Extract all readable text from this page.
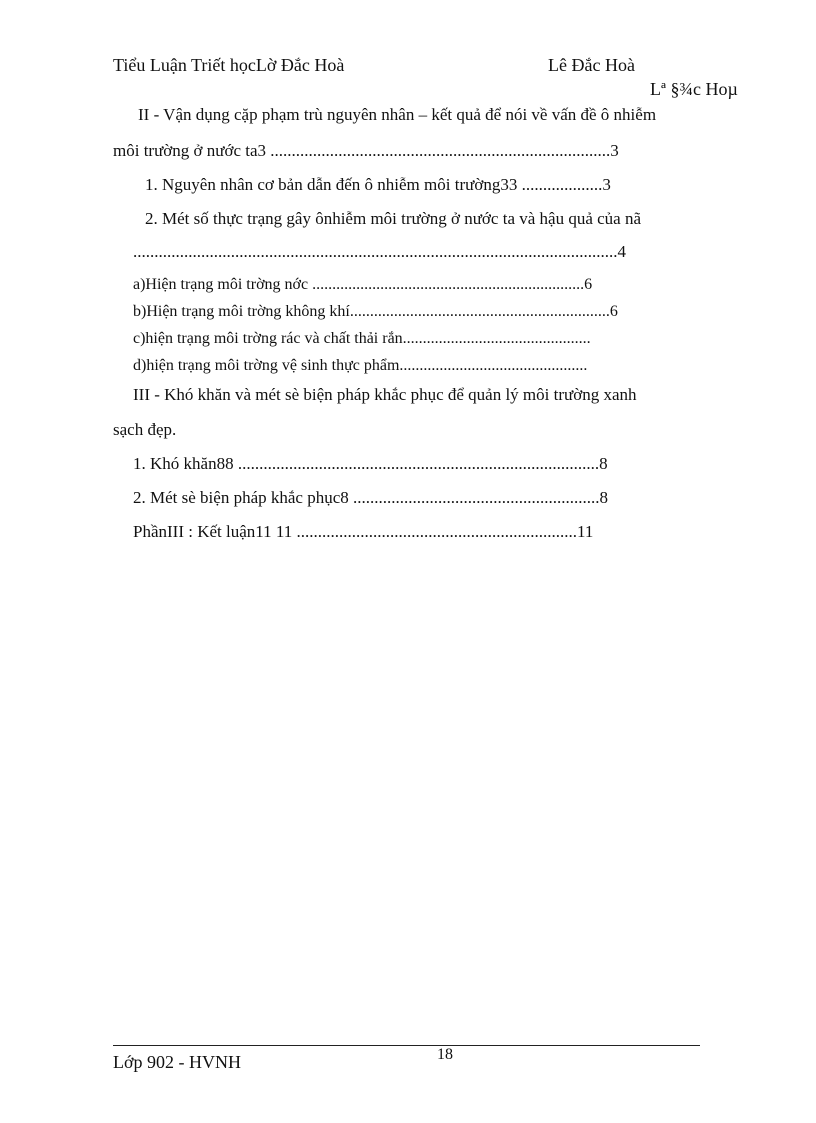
Tiểu Luận Triết họcLờ Đắc Hoà	Lê Đắc Hoà
Lª §¾c Hoµ
II - Vận dụng cặp phạm trù nguyên nhân – kết quả để nói về vấn đề ô nhiễm
môi trường ở nước ta3 ................................................................................3
1. Nguyên nhân cơ bản dẫn đến ô nhiễm môi trường33 ...................3
2. Mét số thực trạng gây ônhiễm môi trường ở nước ta và hậu quả của nã
..................................................................................................................4
a)Hiện trạng môi trờng nớc ....................................................................6
b)Hiện trạng môi trờng không khí.................................................................6
c)hiện trạng môi trờng rác và chất thải rắn...............................................
d)hiện trạng môi trờng vệ sinh thực phẩm...............................................
III - Khó khăn và mét sè biện pháp khắc phục để quản lý môi trường xanh
sạch đẹp.
1. Khó khăn88 .....................................................................................8
2. Mét sè biện pháp khắc phục8 ..........................................................8
PhầnIII : Kết luận11 11 ..................................................................11
Lớp 902 - HVNH	18
